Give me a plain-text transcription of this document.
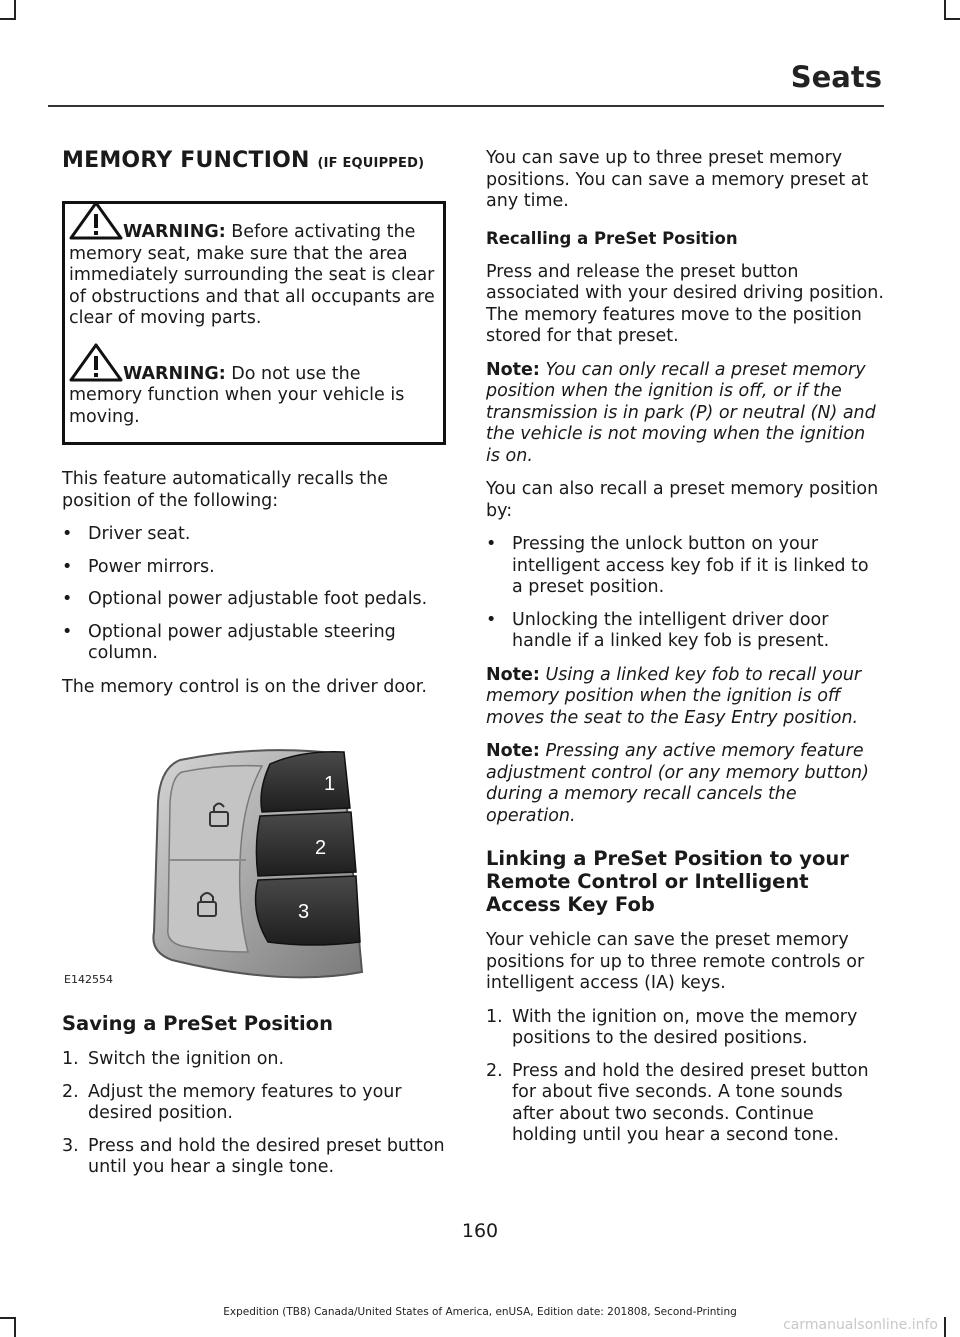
Seats
MEMORY FUNCTION (IF EQUIPPED)

WARNING: Before activating the memory seat, make sure that the area immediately surrounding the seat is clear of obstructions and that all occupants are clear of moving parts.

WARNING: Do not use the memory function when your vehicle is moving.

This feature automatically recalls the position of the following:

• Driver seat.
• Power mirrors.
• Optional power adjustable foot pedals.
• Optional power adjustable steering column.

The memory control is on the driver door.

1
2
3
E142554
Saving a PreSet Position
1. Switch the ignition on.
2. Adjust the memory features to your desired position.
3. Press and hold the desired preset button until you hear a single tone.

You can save up to three preset memory positions. You can save a memory preset at any time.

Recalling a PreSet Position

Press and release the preset button associated with your desired driving position. The memory features move to the position stored for that preset.

Note: You can only recall a preset memory position when the ignition is off, or if the transmission is in park (P) or neutral (N) and the vehicle is not moving when the ignition is on.

You can also recall a preset memory position by:

• Pressing the unlock button on your intelligent access key fob if it is linked to a preset position.
• Unlocking the intelligent driver door handle if a linked key fob is present.

Note: Using a linked key fob to recall your memory position when the ignition is off moves the seat to the Easy Entry position.

Note: Pressing any active memory feature adjustment control (or any memory button) during a memory recall cancels the operation.

Linking a PreSet Position to your Remote Control or Intelligent Access Key Fob

Your vehicle can save the preset memory positions for up to three remote controls or intelligent access (IA) keys.

1. With the ignition on, move the memory positions to the desired positions.
2. Press and hold the desired preset button for about five seconds. A tone sounds after about two seconds. Continue holding until you hear a second tone.
160
Expedition (TB8) Canada/United States of America, enUSA, Edition date: 201808, Second-Printing
carmanualsonline.info
